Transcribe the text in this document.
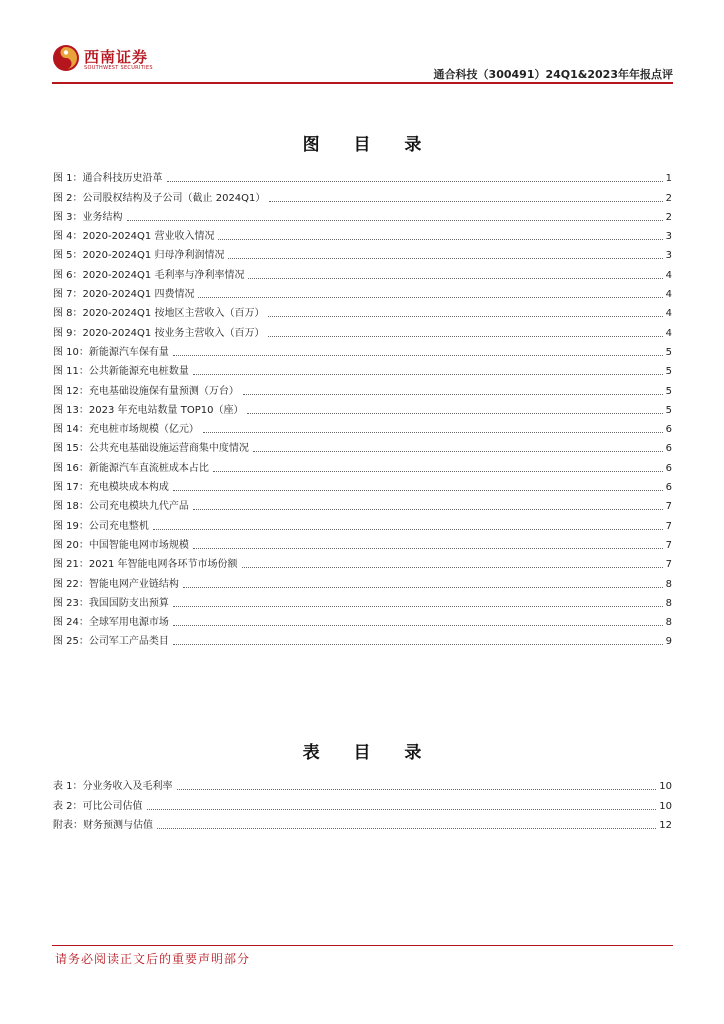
西南证券
SOUTHWEST SECURITIES	通合科技（300491）24Q1&2023年年报点评
图 目 录
图 1：通合科技历史沿革	1
图 2：公司股权结构及子公司（截止 2024Q1）	2
图 3：业务结构	2
图 4：2020-2024Q1 营业收入情况	3
图 5：2020-2024Q1 归母净利润情况	3
图 6：2020-2024Q1 毛利率与净利率情况	4
图 7：2020-2024Q1 四费情况	4
图 8：2020-2024Q1 按地区主营收入（百万）	4
图 9：2020-2024Q1 按业务主营收入（百万）	4
图 10：新能源汽车保有量	5
图 11：公共新能源充电桩数量	5
图 12：充电基础设施保有量预测（万台）	5
图 13：2023 年充电站数量 TOP10（座）	5
图 14：充电桩市场规模（亿元）	6
图 15：公共充电基础设施运营商集中度情况	6
图 16：新能源汽车直流桩成本占比	6
图 17：充电模块成本构成	6
图 18：公司充电模块九代产品	7
图 19：公司充电整机	7
图 20：中国智能电网市场规模	7
图 21：2021 年智能电网各环节市场份额	7
图 22：智能电网产业链结构	8
图 23：我国国防支出预算	8
图 24：全球军用电源市场	8
图 25：公司军工产品类目	9
表 目 录
表 1：分业务收入及毛利率	10
表 2：可比公司估值	10
附表：财务预测与估值	12
请务必阅读正文后的重要声明部分
